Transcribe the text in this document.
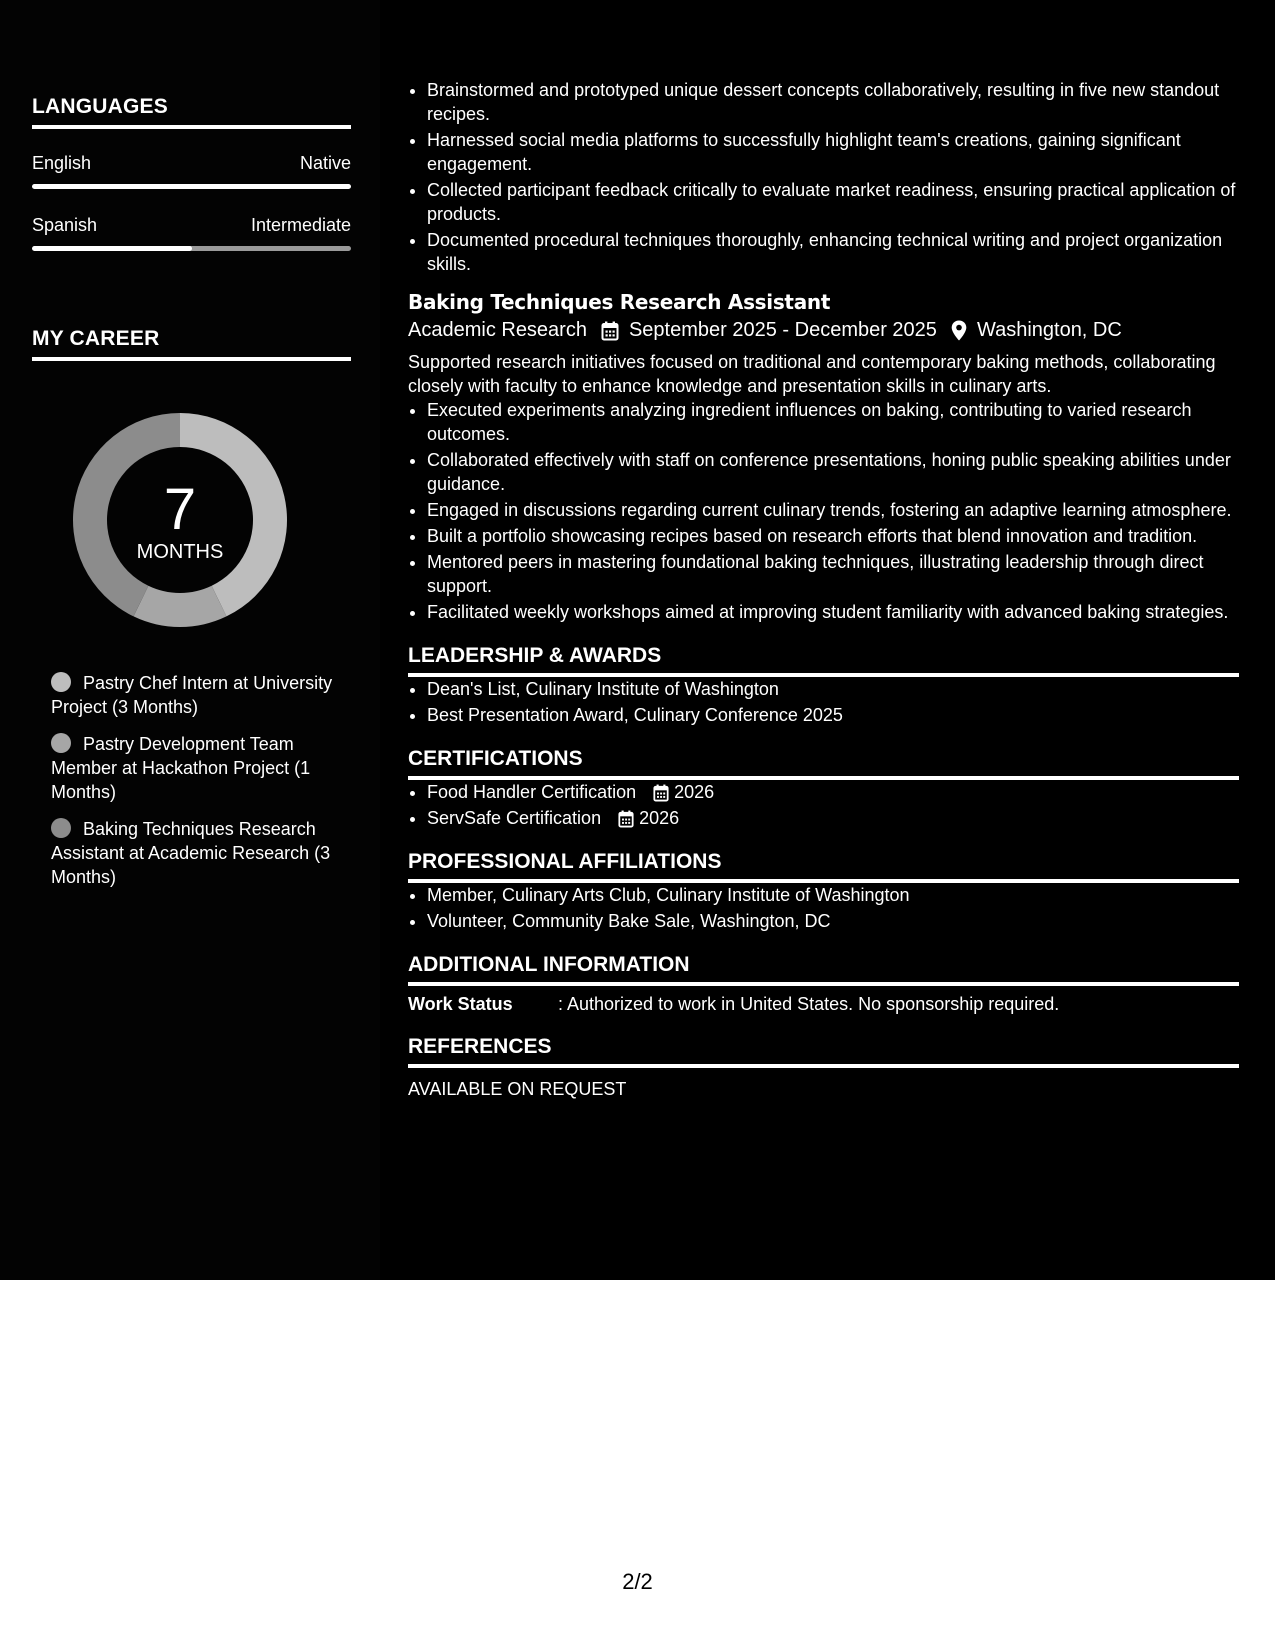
LANGUAGES
English	Native
Spanish	Intermediate
MY CAREER
7
MONTHS
Pastry Chef Intern at University Project (3 Months)
Pastry Development Team Member at Hackathon Project (1 Months)
Baking Techniques Research Assistant at Academic Research (3 Months)
• Brainstormed and prototyped unique dessert concepts collaboratively, resulting in five new standout recipes.
• Harnessed social media platforms to successfully highlight team's creations, gaining significant engagement.
• Collected participant feedback critically to evaluate market readiness, ensuring practical application of products.
• Documented procedural techniques thoroughly, enhancing technical writing and project organization skills.
Baking Techniques Research Assistant
Academic Research September 2025 - December 2025 Washington, DC

Supported research initiatives focused on traditional and contemporary baking methods, collaborating closely with faculty to enhance knowledge and presentation skills in culinary arts.

• Executed experiments analyzing ingredient influences on baking, contributing to varied research outcomes.
• Collaborated effectively with staff on conference presentations, honing public speaking abilities under guidance.
• Engaged in discussions regarding current culinary trends, fostering an adaptive learning atmosphere.
• Built a portfolio showcasing recipes based on research efforts that blend innovation and tradition.
• Mentored peers in mastering foundational baking techniques, illustrating leadership through direct support.
• Facilitated weekly workshops aimed at improving student familiarity with advanced baking strategies.
LEADERSHIP & AWARDS
• Dean's List, Culinary Institute of Washington
• Best Presentation Award, Culinary Conference 2025
CERTIFICATIONS
• Food Handler Certification 2026
• ServSafe Certification 2026
PROFESSIONAL AFFILIATIONS
• Member, Culinary Arts Club, Culinary Institute of Washington
• Volunteer, Community Bake Sale, Washington, DC
ADDITIONAL INFORMATION
Work Status	: Authorized to work in United States. No sponsorship required.
REFERENCES
AVAILABLE ON REQUEST
2/2
